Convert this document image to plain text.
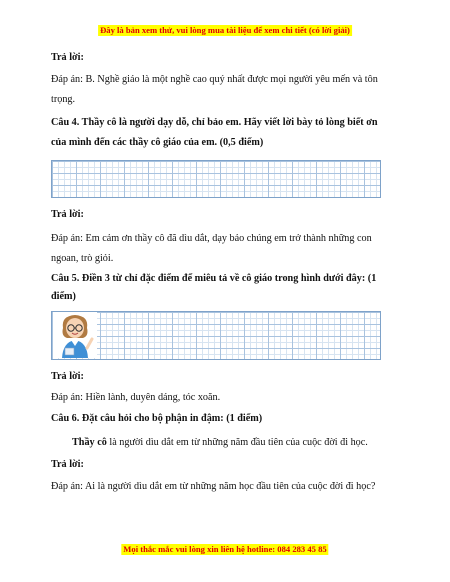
Đây là bản xem thử, vui lòng mua tài liệu để xem chi tiết (có lời giải)
Trả lời:
Đáp án: B. Nghề giáo là một nghề cao quý nhất được mọi người yêu mến và tôn
trọng.
Câu 4. Thầy cô là người dạy dỗ, chỉ bảo em. Hãy viết lời bày tỏ lòng biết ơn
của mình đến các thầy cô giáo của em. (0,5 điểm)
Trả lời:
Đáp án: Em cảm ơn thầy cô đã dìu dắt, dạy bảo chúng em trở thành những con
ngoan, trò giỏi.
Câu 5. Điền 3 từ chỉ đặc điểm để miêu tả về cô giáo trong hình dưới đây: (1
điểm)
Trả lời:
Đáp án: Hiền lành, duyên dáng, tóc xoăn.
Câu 6. Đặt câu hỏi cho bộ phận in đậm: (1 điểm)
Thầy cô là người dìu dắt em từ những năm đầu tiên của cuộc đời đi học.
Trả lời:
Đáp án: Ai là người dìu dắt em từ những năm học đầu tiên của cuộc đời đi học?
Mọi thắc mắc vui lòng xin liên hệ hotline: 084 283 45 85
